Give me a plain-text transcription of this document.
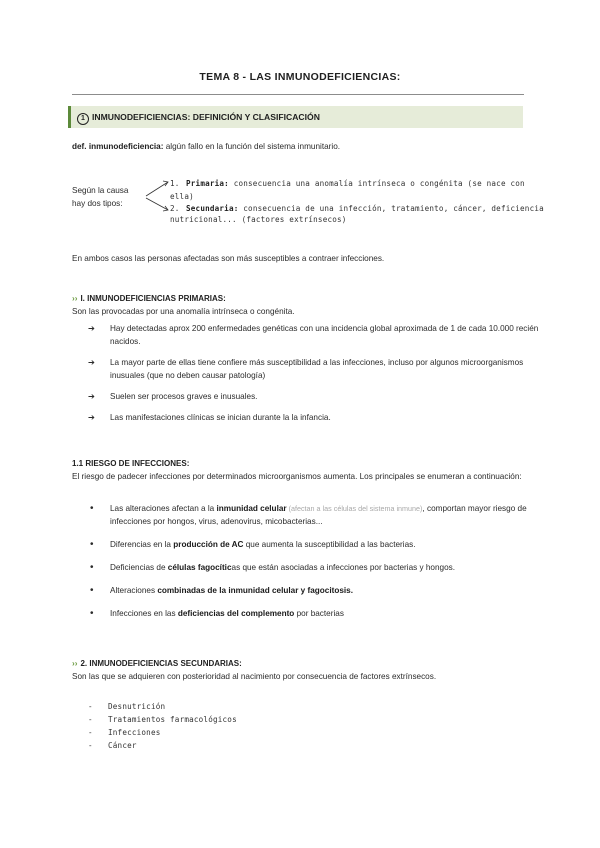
TEMA 8 - LAS INMUNODEFICIENCIAS:
1 INMUNODEFICIENCIAS: DEFINICIÓN Y CLASIFICACIÓN
def. inmunodeficiencia: algún fallo en la función del sistema inmunitario.
Según la causa
hay dos tipos:
1. Primaria: consecuencia una anomalía intrínseca o congénita (se nace con ella)
2. Secundaria: consecuencia de una infección, tratamiento, cáncer, deficiencia nutricional... (factores extrínsecos)
En ambos casos las personas afectadas son más susceptibles a contraer infecciones.
›› I. INMUNODEFICIENCIAS PRIMARIAS:
Son las provocadas por una anomalía intrínseca o congénita.
➔ Hay detectadas aprox 200 enfermedades genéticas con una incidencia global aproximada de 1 de cada 10.000 recién nacidos.
➔ La mayor parte de ellas tiene confiere más susceptibilidad a las infecciones, incluso por algunos microorganismos inusuales (que no deben causar patología)
➔ Suelen ser procesos graves e inusuales.
➔ Las manifestaciones clínicas se inician durante la la infancia.
1.1 RIESGO DE INFECCIONES:
El riesgo de padecer infecciones por determinados microorganismos aumenta. Los principales se enumeran a continuación:
• Las alteraciones afectan a la inmunidad celular (afectan a las células del sistema inmune), comportan mayor riesgo de infecciones por hongos, virus, adenovirus, micobacterias...
• Diferencias en la producción de AC que aumenta la susceptibilidad a las bacterias.
• Deficiencias de células fagocíticas que están asociadas a infecciones por bacterias y hongos.
• Alteraciones combinadas de la inmunidad celular y fagocitosis.
• Infecciones en las deficiencias del complemento por bacterias
›› 2. INMUNODEFICIENCIAS SECUNDARIAS:
Son las que se adquieren con posterioridad al nacimiento por consecuencia de factores extrínsecos.
- Desnutrición
- Tratamientos farmacológicos
- Infecciones
- Cáncer
